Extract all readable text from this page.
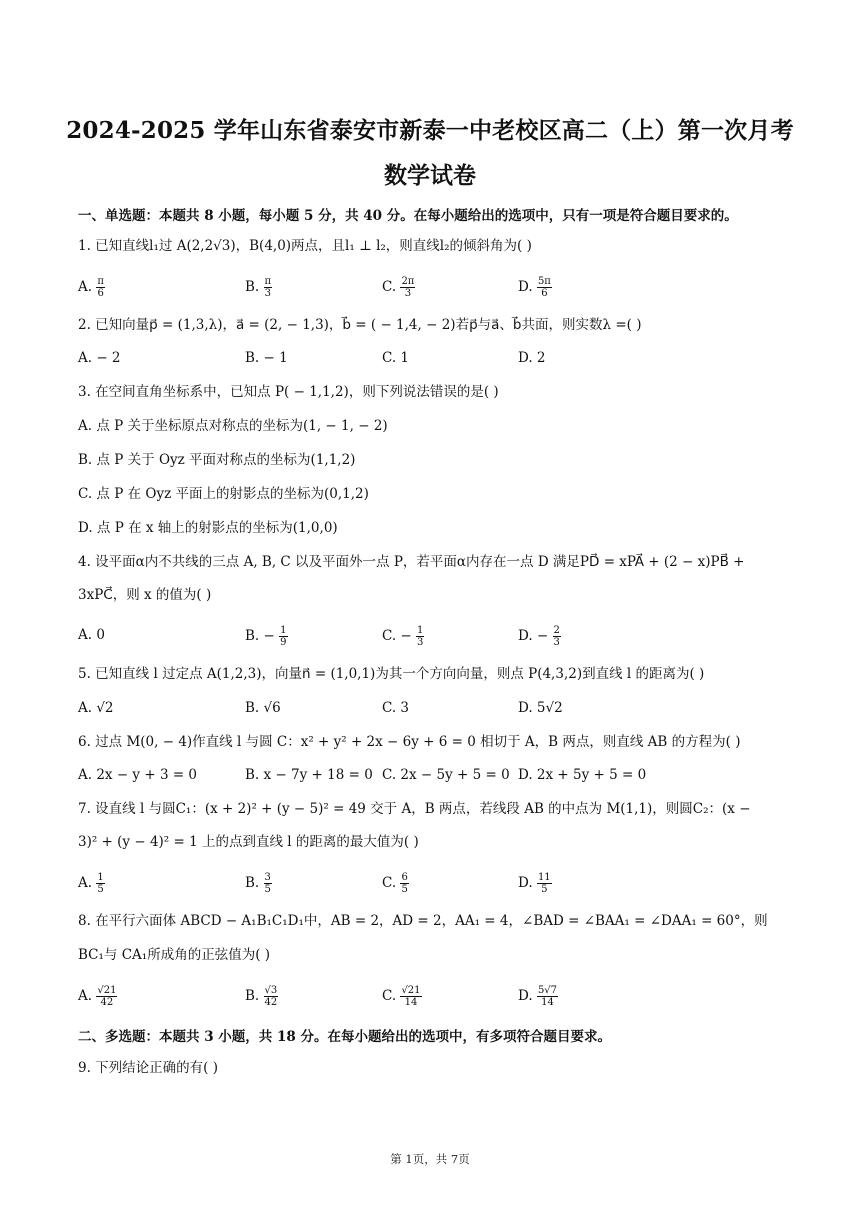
2024-2025 学年山东省泰安市新泰一中老校区高二（上）第一次月考
数学试卷
一、单选题：本题共 8 小题，每小题 5 分，共 40 分。在每小题给出的选项中，只有一项是符合题目要求的。
1. 已知直线l₁过 A(2,2√3)，B(4,0)两点，且l₁ ⊥ l₂，则直线l₂的倾斜角为( )
A. $\frac{\pi}{6}$	B. $\frac{\pi}{3}$	C. $\frac{2\pi}{3}$	D. $\frac{5\pi}{6}$
2. 已知向量p⃗ = (1,3,λ)，a⃗ = (2, − 1,3)，b⃗ = ( − 1,4, − 2)若p⃗与a⃗、b⃗共面，则实数λ =( )
A. − 2	B. − 1	C. 1	D. 2
3. 在空间直角坐标系中，已知点 P( − 1,1,2)，则下列说法错误的是( )
A. 点 P 关于坐标原点对称点的坐标为(1, − 1, − 2)
B. 点 P 关于 Oyz 平面对称点的坐标为(1,1,2)
C. 点 P 在 Oyz 平面上的射影点的坐标为(0,1,2)
D. 点 P 在 x 轴上的射影点的坐标为(1,0,0)
4. 设平面α内不共线的三点 A, B, C 以及平面外一点 P，若平面α内存在一点 D 满足PD⃗ = xPA⃗ + (2 − x)PB⃗ +
3xPC⃗，则 x 的值为( )
A. 0	B. − $\frac{1}{9}$	C. − $\frac{1}{3}$	D. − $\frac{2}{3}$
5. 已知直线 l 过定点 A(1,2,3)，向量n⃗ = (1,0,1)为其一个方向向量，则点 P(4,3,2)到直线 l 的距离为( )
A. √2	B. √6	C. 3	D. 5√2
6. 过点 M(0, − 4)作直线 l 与圆 C：x² + y² + 2x − 6y + 6 = 0 相切于 A，B 两点，则直线 AB 的方程为( )
A. 2x − y + 3 = 0	B. x − 7y + 18 = 0 C. 2x − 5y + 5 = 0 D. 2x + 5y + 5 = 0
7. 设直线 l 与圆C₁：(x + 2)² + (y − 5)² = 49 交于 A，B 两点，若线段 AB 的中点为 M(1,1)，则圆C₂：(x −
3)² + (y − 4)² = 1 上的点到直线 l 的距离的最大值为( )
A. $\frac{1}{5}$	B. $\frac{3}{5}$	C. $\frac{6}{5}$	D. $\frac{11}{5}$
8. 在平行六面体 ABCD − A₁B₁C₁D₁中，AB = 2，AD = 2，AA₁ = 4，∠BAD = ∠BAA₁ = ∠DAA₁ = 60°，则
BC₁与 CA₁所成角的正弦值为( )
A. $\frac{√21}{42}$	B. $\frac{√3}{42}$	C. $\frac{√21}{14}$	D. $\frac{5√7}{14}$
二、多选题：本题共 3 小题，共 18 分。在每小题给出的选项中，有多项符合题目要求。
9. 下列结论正确的有( )
第 1页，共 7页
